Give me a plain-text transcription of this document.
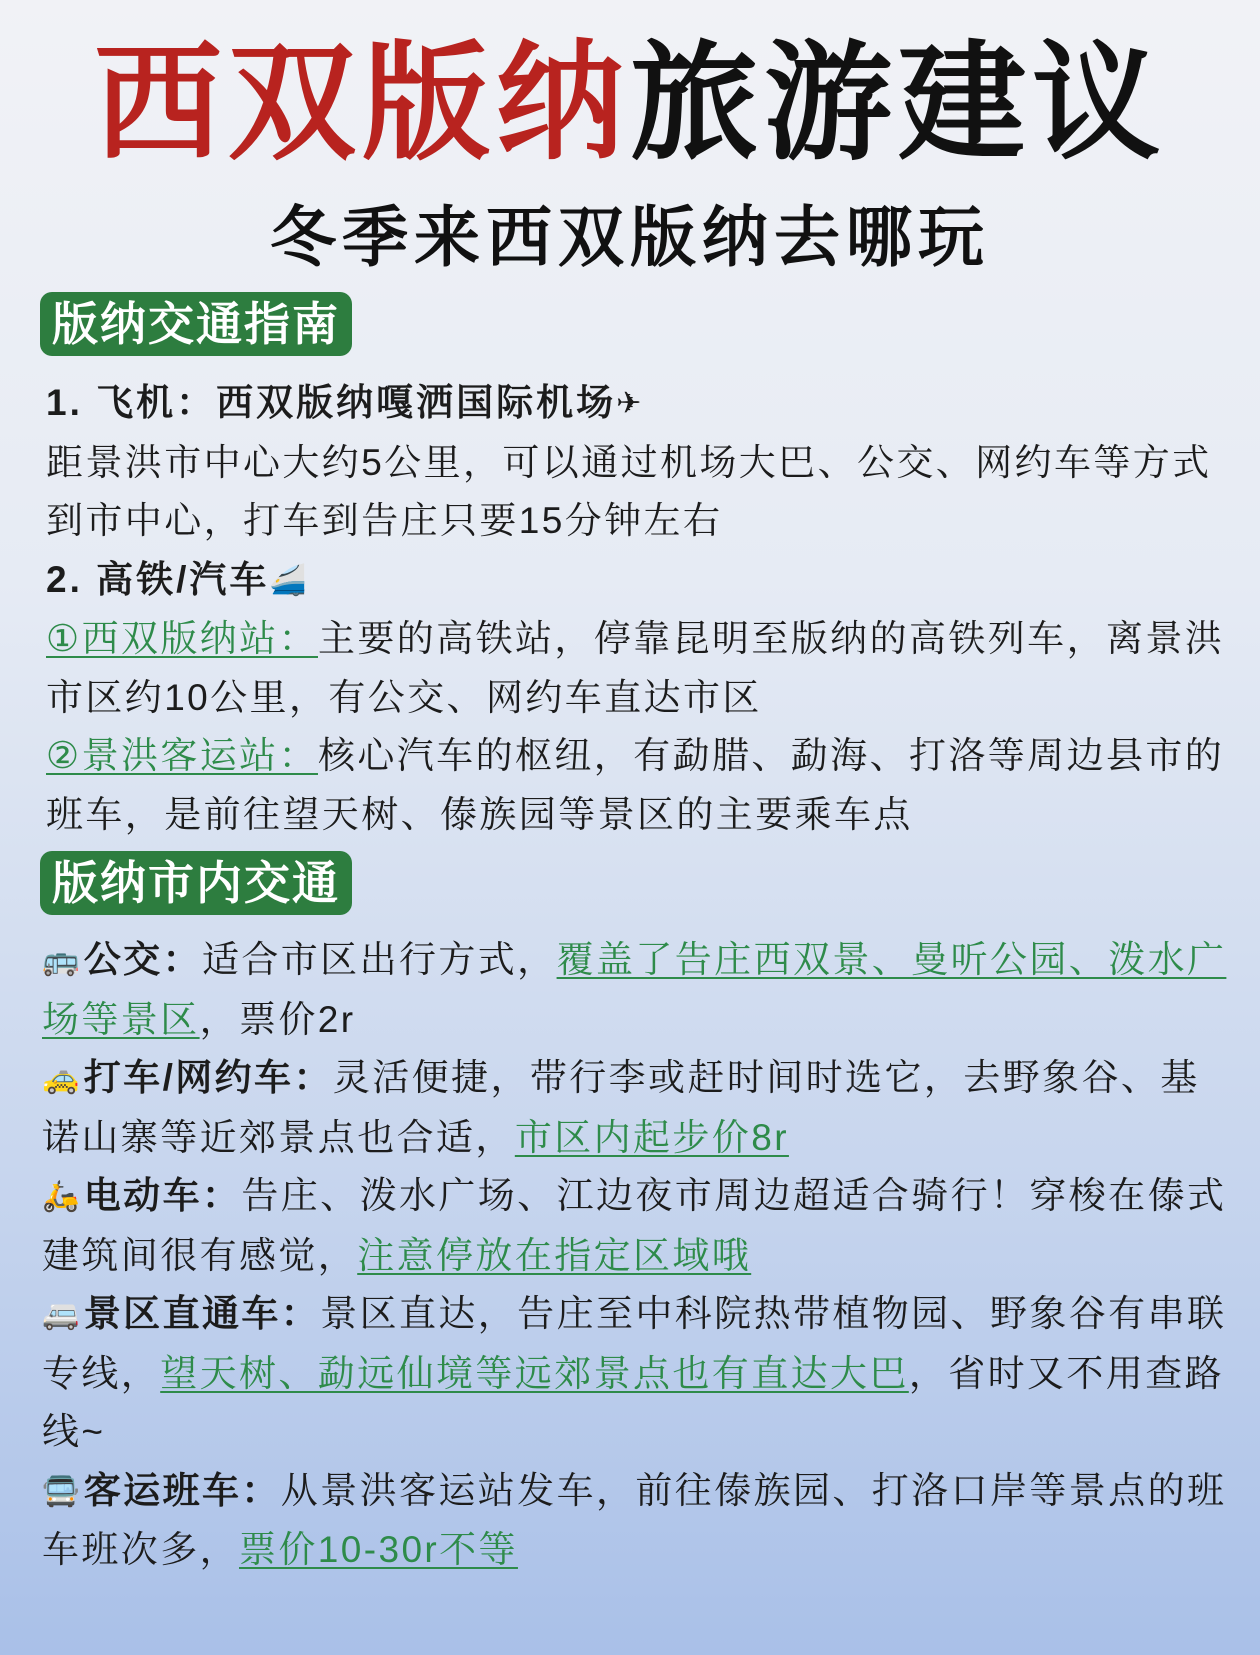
西双版纳旅游建议
冬季来西双版纳去哪玩
版纳交通指南

1. 飞机：西双版纳嘎洒国际机场✈

距景洪市中心大约5公里，可以通过机场大巴、公交、网约车等方式到市中心，打车到告庄只要15分钟左右

2. 高铁/汽车🚄

①西双版纳站：主要的高铁站，停靠昆明至版纳的高铁列车，离景洪市区约10公里，有公交、网约车直达市区

②景洪客运站：核心汽车的枢纽，有勐腊、勐海、打洛等周边县市的班车，是前往望天树、傣族园等景区的主要乘车点

版纳市内交通

🚌公交：适合市区出行方式，覆盖了告庄西双景、曼听公园、泼水广场等景区，票价2r

🚕打车/网约车：灵活便捷，带行李或赶时间时选它，去野象谷、基诺山寨等近郊景点也合适，市区内起步价8r

🛵电动车：告庄、泼水广场、江边夜市周边超适合骑行！穿梭在傣式建筑间很有感觉，注意停放在指定区域哦

🚐景区直通车：景区直达，告庄至中科院热带植物园、野象谷有串联专线，望天树、勐远仙境等远郊景点也有直达大巴，省时又不用查路线~

🚍客运班车：从景洪客运站发车，前往傣族园、打洛口岸等景点的班车班次多，票价10-30r不等
